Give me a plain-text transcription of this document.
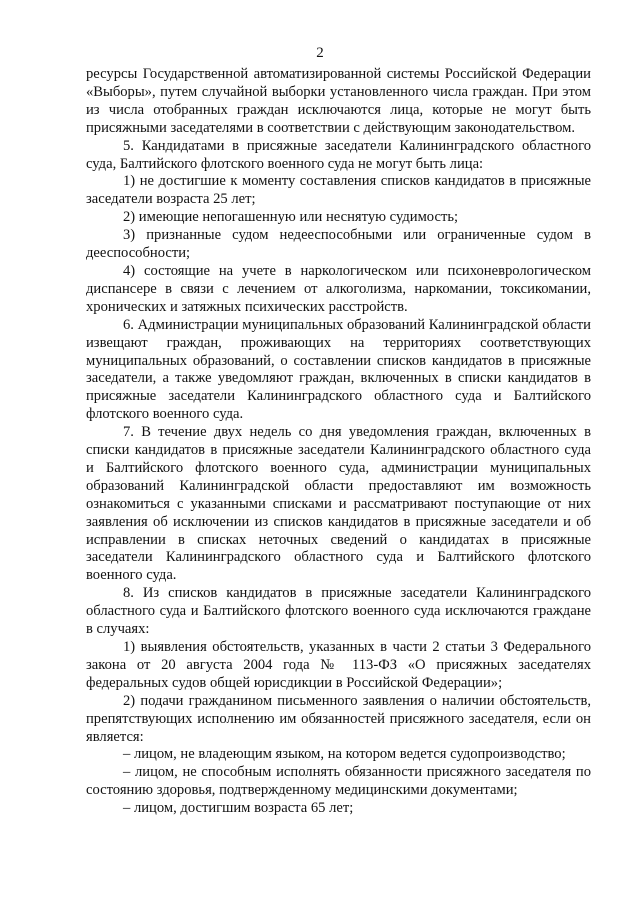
2

ресурсы Государственной автоматизированной системы Российской Федерации «Выборы», путем случайной выборки установленного числа граждан. При этом из числа отобранных граждан исключаются лица, которые не могут быть присяжными заседателями в соответствии с действующим законодательством.

5. Кандидатами в присяжные заседатели Калининградского областного суда, Балтийского флотского военного суда не могут быть лица:

1) не достигшие к моменту составления списков кандидатов в присяжные заседатели возраста 25 лет;

2) имеющие непогашенную или неснятую судимость;

3) признанные судом недееспособными или ограниченные судом в дееспособности;

4) состоящие на учете в наркологическом или психоневрологическом диспансере в связи с лечением от алкоголизма, наркомании, токсикомании, хронических и затяжных психических расстройств.

6. Администрации муниципальных образований Калининградской области извещают граждан, проживающих на территориях соответствующих муниципальных образований, о составлении списков кандидатов в присяжные заседатели, а также уведомляют граждан, включенных в списки кандидатов в присяжные заседатели Калининградского областного суда и Балтийского флотского военного суда.

7. В течение двух недель со дня уведомления граждан, включенных в списки кандидатов в присяжные заседатели Калининградского областного суда и Балтийского флотского военного суда, администрации муниципальных образований Калининградской области предоставляют им возможность ознакомиться с указанными списками и рассматривают поступающие от них заявления об исключении из списков кандидатов в присяжные заседатели и об исправлении в списках неточных сведений о кандидатах в присяжные заседатели Калининградского областного суда и Балтийского флотского военного суда.

8. Из списков кандидатов в присяжные заседатели Калининградского областного суда и Балтийского флотского военного суда исключаются граждане в случаях:

1) выявления обстоятельств, указанных в части 2 статьи 3 Федерального закона от 20 августа 2004 года № 113-ФЗ «О присяжных заседателях федеральных судов общей юрисдикции в Российской Федерации»;

2) подачи гражданином письменного заявления о наличии обстоятельств, препятствующих исполнению им обязанностей присяжного заседателя, если он является:

– лицом, не владеющим языком, на котором ведется судопроизводство;

– лицом, не способным исполнять обязанности присяжного заседателя по состоянию здоровья, подтвержденному медицинскими документами;

– лицом, достигшим возраста 65 лет;
